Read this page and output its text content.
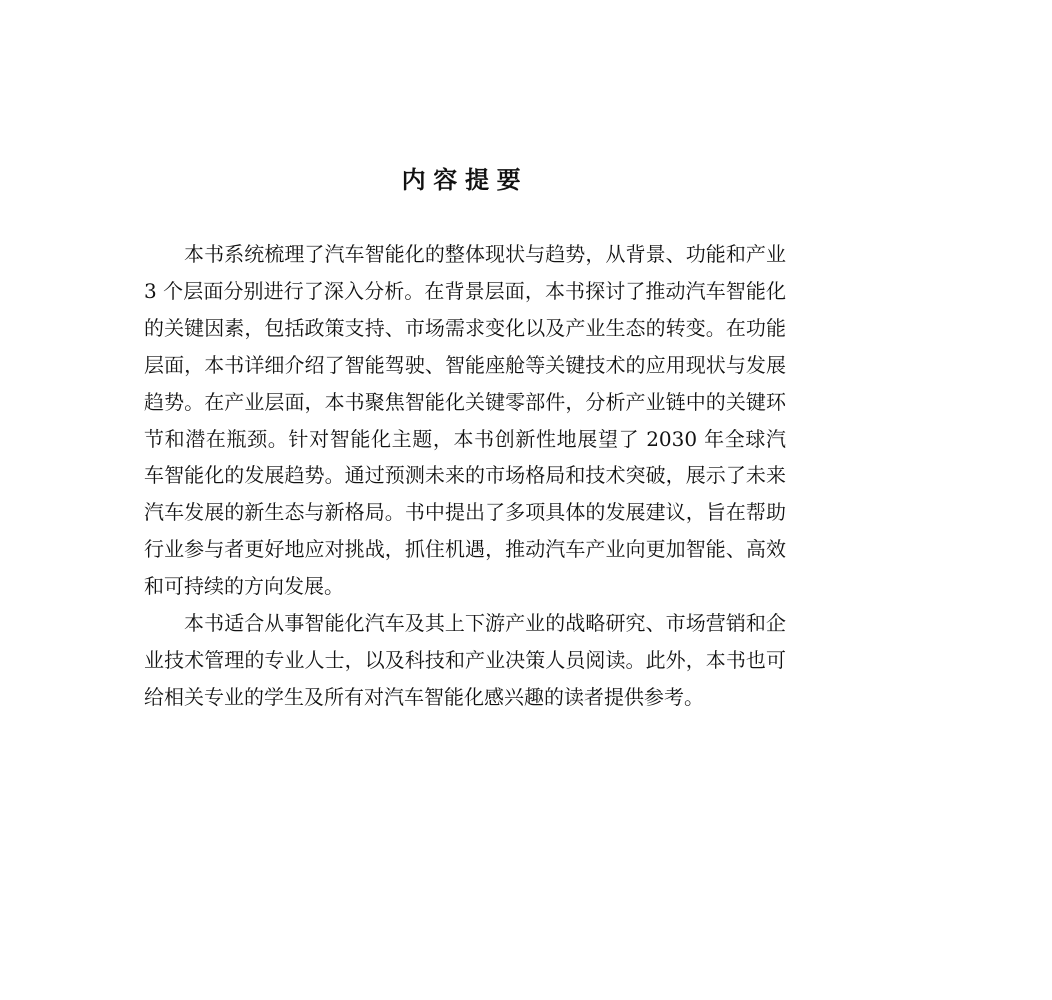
内容提要

本书系统梳理了汽车智能化的整体现状与趋势，从背景、功能和产业 3 个层面分别进行了深入分析。在背景层面，本书探讨了推动汽车智能化的关键因素，包括政策支持、市场需求变化以及产业生态的转变。在功能层面，本书详细介绍了智能驾驶、智能座舱等关键技术的应用现状与发展趋势。在产业层面，本书聚焦智能化关键零部件，分析产业链中的关键环节和潜在瓶颈。针对智能化主题，本书创新性地展望了 2030 年全球汽车智能化的发展趋势。通过预测未来的市场格局和技术突破，展示了未来汽车发展的新生态与新格局。书中提出了多项具体的发展建议，旨在帮助行业参与者更好地应对挑战，抓住机遇，推动汽车产业向更加智能、高效和可持续的方向发展。

本书适合从事智能化汽车及其上下游产业的战略研究、市场营销和企业技术管理的专业人士，以及科技和产业决策人员阅读。此外，本书也可给相关专业的学生及所有对汽车智能化感兴趣的读者提供参考。
